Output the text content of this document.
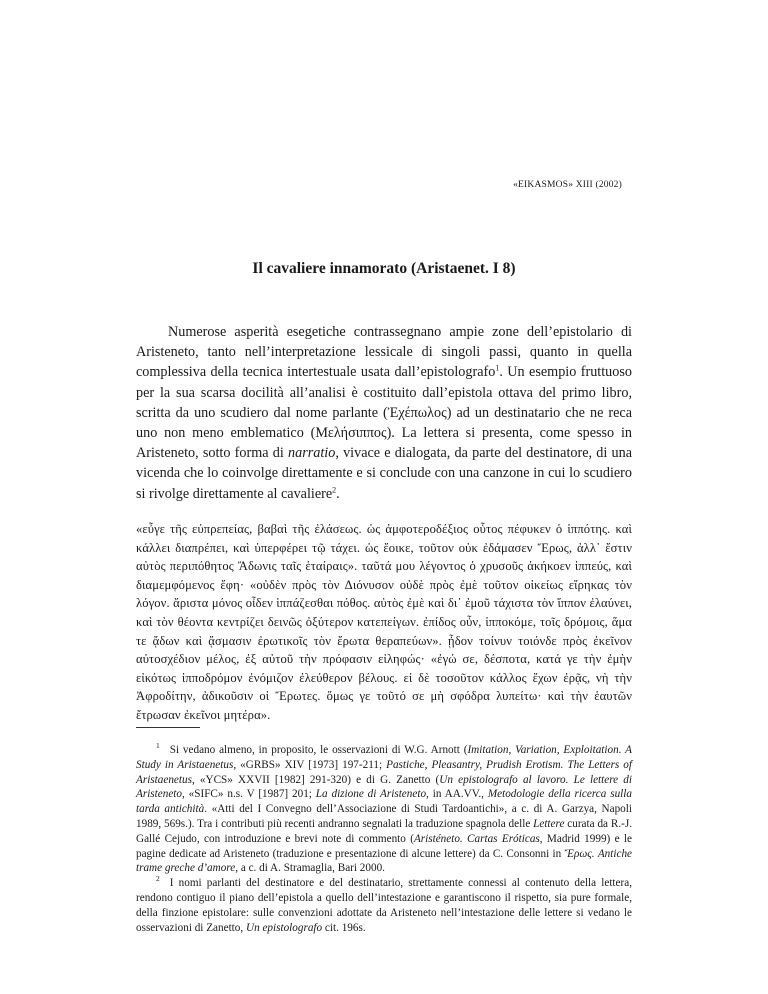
«EIKASMOS» XIII (2002)
Il cavaliere innamorato (Aristaenet. I 8)

Numerose asperità esegetiche contrassegnano ampie zone dell’epistolario di Aristeneto, tanto nell’interpretazione lessicale di singoli passi, quanto in quella complessiva della tecnica intertestuale usata dall’epistolografo$^1$. Un esempio fruttuoso per la sua scarsa docilità all’analisi è costituito dall’epistola ottava del primo libro, scritta da uno scudiero dal nome parlante (Ἐχέπωλος) ad un destinatario che ne reca uno non meno emblematico (Μελήσιππος). La lettera si presenta, come spesso in Aristeneto, sotto forma di narratio, vivace e dialogata, da parte del destinatore, di una vicenda che lo coinvolge direttamente e si conclude con una canzone in cui lo scudiero si rivolge direttamente al cavaliere$^2$.

«εὖγε τῆς εὐπρεπείας, βαβαὶ τῆς ἐλάσεως. ὡς ἀμφοτεροδέξιος οὗτος πέφυκεν ὁ ἱππότης. καὶ κάλλει διαπρέπει, καὶ ὑπερφέρει τῷ τάχει. ὡς ἔοικε, τοῦτον οὐκ ἐδάμασεν Ἔρως, ἀλλ᾽ ἔστιν αὐτὸς περιπόθητος Ἄδωνις ταῖς ἑταίραις». ταῦτά μου λέγοντος ὁ χρυσοῦς ἀκήκοεν ἱππεύς, καὶ διαμεμφόμενος ἔφη· «οὐδὲν πρὸς τὸν Διόνυσον οὐδὲ πρὸς ἐμὲ τοῦτον οἰκείως εἴρηκας τὸν λόγον. ἄριστα μόνος οἶδεν ἱππάζεσθαι πόθος. αὐτὸς ἐμὲ καὶ δι᾽ ἐμοῦ τάχιστα τὸν ἵππον ἐλαύνει, καὶ τὸν θέοντα κεντρίζει δεινῶς ὀξύτερον κατεπείγων. ἐπίδος οὖν, ἱπποκόμε, τοῖς δρόμοις, ἅμα τε ᾄδων καὶ ᾄσμασιν ἐρωτικοῖς τὸν ἔρωτα θεραπεύων». ᾖδον τοίνυν τοιόνδε πρὸς ἐκεῖνον αὐτοσχέδιον μέλος, ἐξ αὐτοῦ τὴν πρόφασιν εἰληφώς· «ἐγώ σε, δέσποτα, κατά γε τὴν ἐμὴν εἰκότως ἱπποδρόμον ἐνόμιζον ἐλεύθερον βέλους. εἰ δὲ τοσοῦτον κάλλος ἔχων ἐρᾷς, νὴ τὴν Ἀφροδίτην, ἀδικοῦσιν οἱ Ἔρωτες. ὅμως γε τοῦτό σε μὴ σφόδρα λυπείτω· καὶ τὴν ἑαυτῶν ἔτρωσαν ἐκεῖνοι μητέρα».

$^1$ Si vedano almeno, in proposito, le osservazioni di W.G. Arnott (Imitation, Variation, Exploitation. A Study in Aristaenetus, «GRBS» XIV [1973] 197-211; Pastiche, Pleasantry, Prudish Erotism. The Letters of Aristaenetus, «YCS» XXVII [1982] 291-320) e di G. Zanetto (Un epistolografo al lavoro. Le lettere di Aristeneto, «SIFC» n.s. V [1987] 201; La dizione di Aristeneto, in AA.VV., Metodologie della ricerca sulla tarda antichità. «Atti del I Convegno dell’Associazione di Studi Tardoantichi», a c. di A. Garzya, Napoli 1989, 569s.). Tra i contributi più recenti andranno segnalati la traduzione spagnola delle Lettere curata da R.-J. Gallé Cejudo, con introduzione e brevi note di commento (Aristéneto. Cartas Eróticas, Madrid 1999) e le pagine dedicate ad Aristeneto (traduzione e presentazione di alcune lettere) da C. Consonni in Ἔρως. Antiche trame greche d’amore, a c. di A. Stramaglia, Bari 2000.

$^2$ I nomi parlanti del destinatore e del destinatario, strettamente connessi al contenuto della lettera, rendono contiguo il piano dell’epistola a quello dell’intestazione e garantiscono il rispetto, sia pure formale, della finzione epistolare: sulle convenzioni adottate da Aristeneto nell’intestazione delle lettere si vedano le osservazioni di Zanetto, Un epistolografo cit. 196s.
